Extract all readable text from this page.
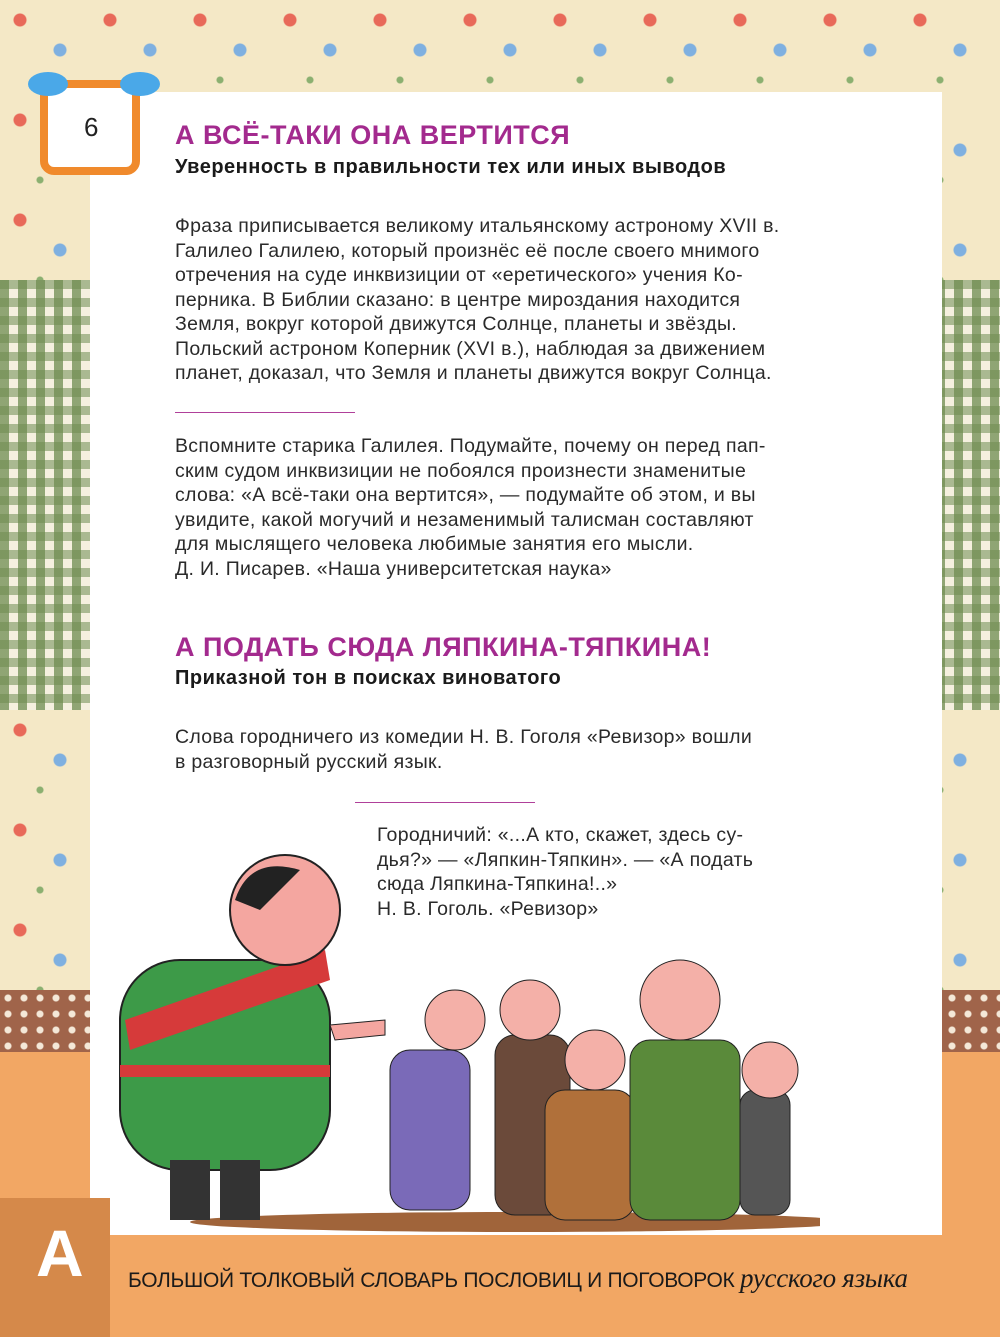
6	А ВСЁ-ТАКИ ОНА ВЕРТИТСЯ
Уверенность в правильности тех или иных выводов
Фраза приписывается великому итальянскому астроному XVII в.
Галилео Галилею, который произнёс её после своего мнимого
отречения на суде инквизиции от «еретического» учения Ко-
перника. В Библии сказано: в центре мироздания находится
Земля, вокруг которой движутся Солнце, планеты и звёзды.
Польский астроном Коперник (XVI в.), наблюдая за движением
планет, доказал, что Земля и планеты движутся вокруг Солнца.
Вспомните старика Галилея. Подумайте, почему он перед пап-
ским судом инквизиции не побоялся произнести знаменитые
слова: «А всё-таки она вертится», — подумайте об этом, и вы
увидите, какой могучий и незаменимый талисман составляют
для мыслящего человека любимые занятия его мысли.
Д. И. Писарев. «Наша университетская наука»
А ПОДАТЬ СЮДА ЛЯПКИНА-ТЯПКИНА!
Приказной тон в поисках виноватого
Слова городничего из комедии Н. В. Гоголя «Ревизор» вошли
в разговорный русский язык.
Городничий: «...А кто, скажет, здесь су-
дья?» — «Ляпкин-Тяпкин». — «А подать
сюда Ляпкина-Тяпкина!..»
Н. В. Гоголь. «Ревизор»
А БОЛЬШОЙ ТОЛКОВЫЙ СЛОВАРЬ ПОСЛОВИЦ И ПОГОВОРОК русского языка
